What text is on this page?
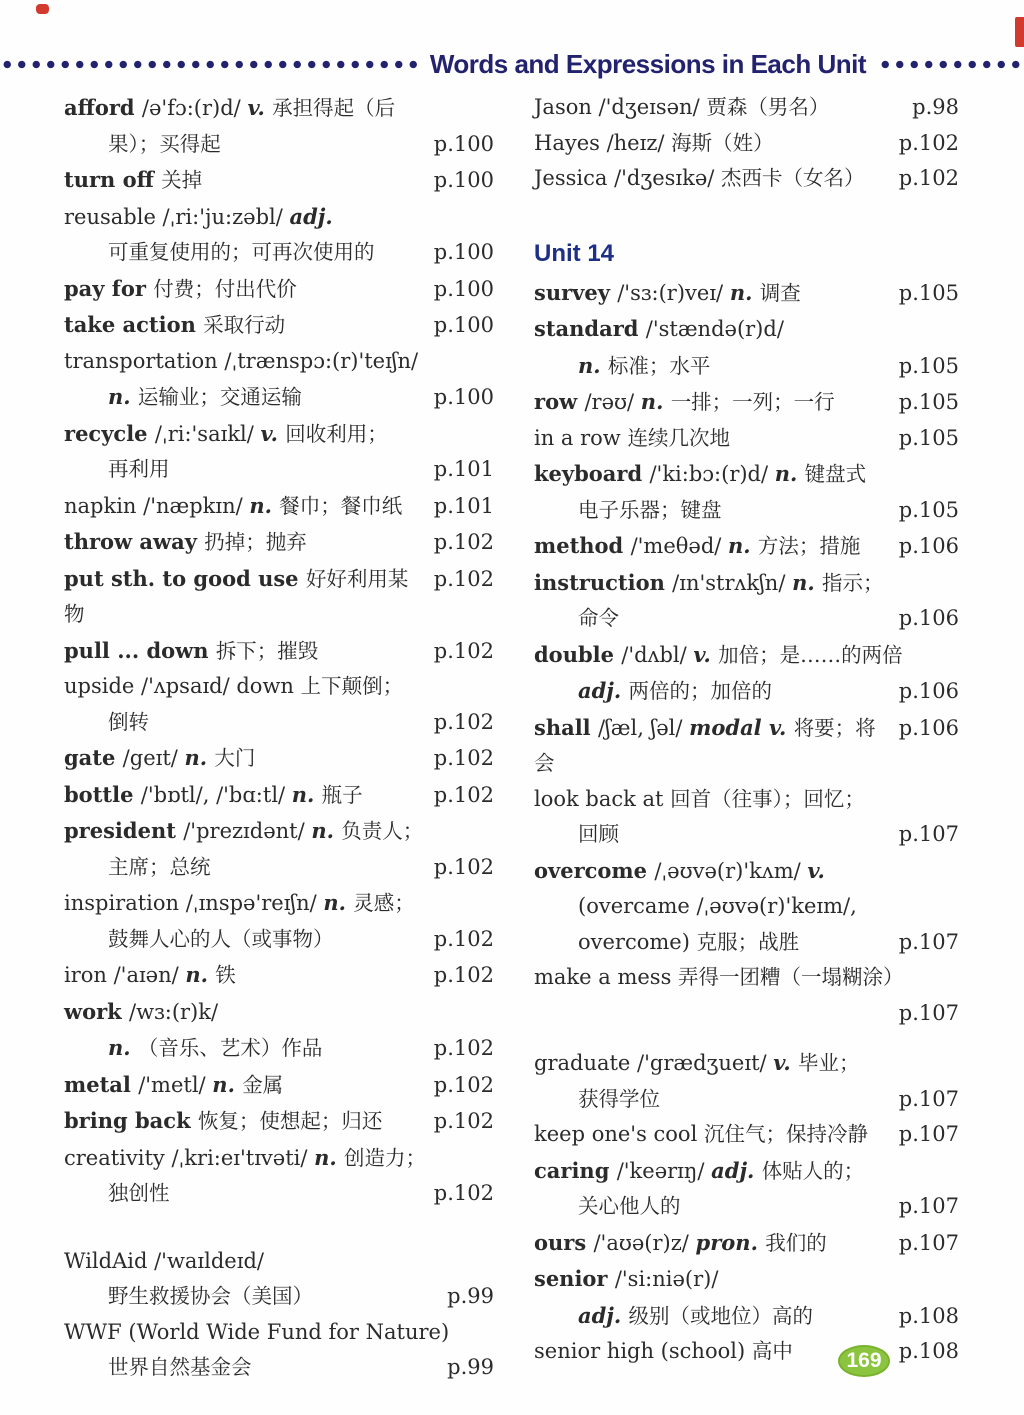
Words and Expressions in Each Unit
afford /ə'fɔ:(r)d/ v. 承担得起（后
果）；买得起	p.100
turn off 关掉	p.100
reusable /ˌri:'ju:zəbl/ adj.
可重复使用的；可再次使用的	p.100
pay for 付费；付出代价	p.100
take action 采取行动	p.100
transportation /ˌtrænspɔ:(r)'teɪʃn/
n. 运输业；交通运输	p.100
recycle /ˌri:'saɪkl/ v. 回收利用；
再利用	p.101
napkin /'næpkɪn/ n. 餐巾；餐巾纸	p.101
throw away 扔掉；抛弃	p.102
put sth. to good use 好好利用某物
p.102
pull ... down 拆下；摧毁	p.102
upside /'ʌpsaɪd/ down 上下颠倒；
倒转	p.102
gate /geɪt/ n. 大门	p.102
bottle /'bɒtl/, /'bɑ:tl/ n. 瓶子	p.102
president /'prezɪdənt/ n. 负责人；
主席；总统	p.102
inspiration /ˌɪnspə'reɪʃn/ n. 灵感；
鼓舞人心的人（或事物）	p.102
iron /'aɪən/ n. 铁	p.102
work /wɜ:(r)k/
n. （音乐、艺术）作品	p.102
metal /'metl/ n. 金属	p.102
bring back 恢复；使想起；归还	p.102
creativity /ˌkri:eɪ'tɪvəti/ n. 创造力；
独创性	p.102
WildAid /'waɪldeɪd/
野生救援协会（美国）	p.99
WWF (World Wide Fund for Nature)
世界自然基金会	p.99
Jason /'dʒeɪsən/ 贾森（男名）	p.98
Hayes /heɪz/ 海斯（姓）	p.102
Jessica /'dʒesɪkə/ 杰西卡（女名）	p.102
Unit 14
survey /'sɜ:(r)veɪ/ n. 调查	p.105
standard /'stændə(r)d/
n. 标准；水平	p.105
row /rəʊ/ n. 一排；一列；一行	p.105
in a row 连续几次地	p.105
keyboard /'ki:bɔ:(r)d/ n. 键盘式
电子乐器；键盘	p.105
method /'meθəd/ n. 方法；措施	p.106
instruction /ɪn'strʌkʃn/ n. 指示；
命令	p.106
double /'dʌbl/ v. 加倍；是……的两倍
adj. 两倍的；加倍的	p.106
shall /ʃæl, ʃəl/ modal v. 将要；将会
p.106
look back at 回首（往事）；回忆；
回顾	p.107
overcome /ˌəʊvə(r)'kʌm/ v.
(overcame /ˌəʊvə(r)'keɪm/,
overcome) 克服；战胜	p.107
make a mess 弄得一团糟（一塌糊涂）
p.107
graduate /'grædʒueɪt/ v. 毕业；
获得学位	p.107
keep one's cool 沉住气；保持冷静	p.107
caring /'keərɪŋ/ adj. 体贴人的；
关心他人的	p.107
ours /'aʊə(r)z/ pron. 我们的	p.107
senior /'si:niə(r)/
adj. 级别（或地位）高的	p.108
senior high (school) 高中	p.108
169
